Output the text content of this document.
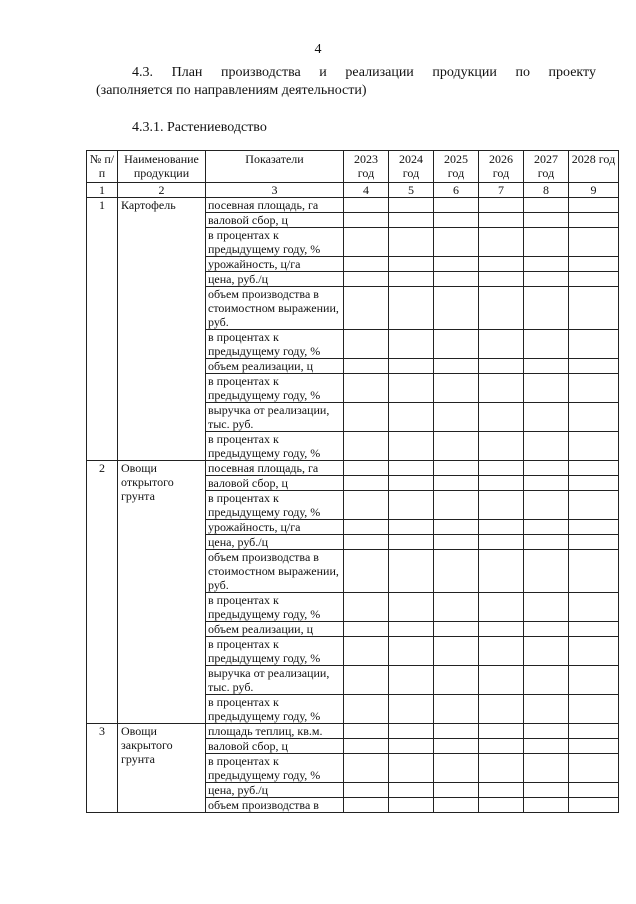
4
4.3. План производства и реализации продукции по проекту
(заполняется по направлениям деятельности)
4.3.1. Растениеводство
№ п/п	Наименование продукции	Показатели	2023 год	2024 год	2025 год	2026 год	2027 год	2028 год
1	2	3	4	5	6	7	8	9
1	Картофель	посевная площадь, га						
		валовой сбор, ц						
		в процентах к предыдущему году, %						
		урожайность, ц/га						
		цена, руб./ц						
		объем производства в стоимостном выражении, руб.						
		в процентах к предыдущему году, %						
		объем реализации, ц						
		в процентах к предыдущему году, %						
		выручка от реализации, тыс. руб.						
		в процентах к предыдущему году, %						
2	Овощи открытого грунта	посевная площадь, га						
		валовой сбор, ц						
		в процентах к предыдущему году, %						
		урожайность, ц/га						
		цена, руб./ц						
		объем производства в стоимостном выражении, руб.						
		в процентах к предыдущему году, %						
		объем реализации, ц						
		в процентах к предыдущему году, %						
		выручка от реализации, тыс. руб.						
		в процентах к предыдущему году, %						
3	Овощи закрытого грунта	площадь теплиц, кв.м.						
		валовой сбор, ц						
		в процентах к предыдущему году, %						
		цена, руб./ц						
		объем производства в						
